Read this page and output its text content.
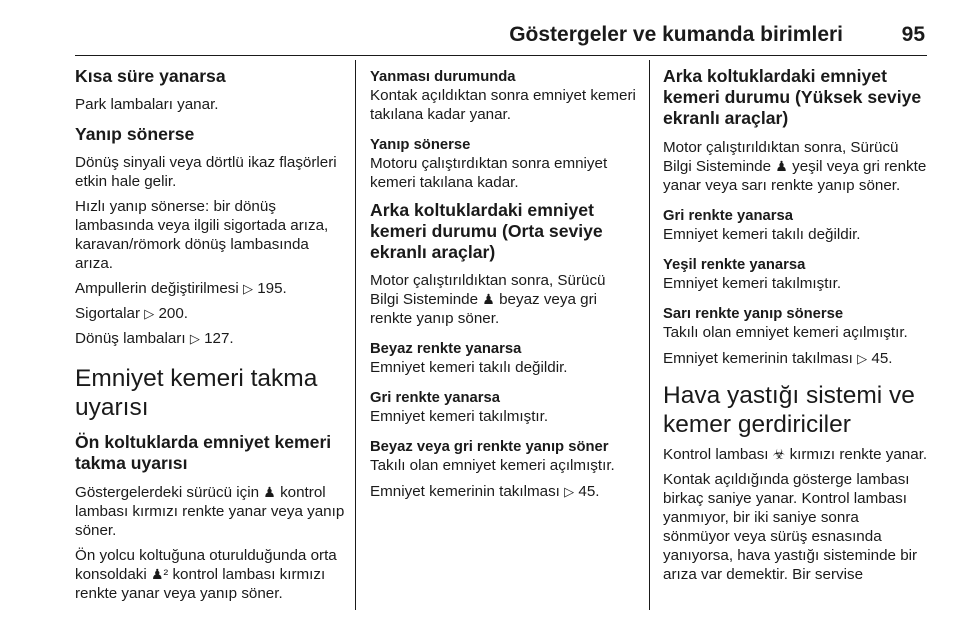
Göstergeler ve kumanda birimleri	95
Kısa süre yanarsa
Park lambaları yanar.
Yanıp sönerse
Dönüş sinyali veya dörtlü ikaz flaşörleri etkin hale gelir.
Hızlı yanıp sönerse: bir dönüş lambasında veya ilgili sigortada arıza, karavan/römork dönüş lambasında arıza.
Ampullerin değiştirilmesi ▷ 195.
Sigortalar ▷ 200.
Dönüş lambaları ▷ 127.
Emniyet kemeri takma uyarısı
Ön koltuklarda emniyet kemeri takma uyarısı
Göstergelerdeki sürücü için ♟ kontrol lambası kırmızı renkte yanar veya yanıp söner.
Ön yolcu koltuğuna oturulduğunda orta konsoldaki ♟² kontrol lambası kırmızı renkte yanar veya yanıp söner.
Yanması durumunda
Kontak açıldıktan sonra emniyet kemeri takılana kadar yanar.
Yanıp sönerse
Motoru çalıştırdıktan sonra emniyet kemeri takılana kadar.
Arka koltuklardaki emniyet kemeri durumu (Orta seviye ekranlı araçlar)
Motor çalıştırıldıktan sonra, Sürücü Bilgi Sisteminde ♟ beyaz veya gri renkte yanıp söner.
Beyaz renkte yanarsa
Emniyet kemeri takılı değildir.
Gri renkte yanarsa
Emniyet kemeri takılmıştır.
Beyaz veya gri renkte yanıp söner
Takılı olan emniyet kemeri açılmıştır.
Emniyet kemerinin takılması ▷ 45.
Arka koltuklardaki emniyet kemeri durumu (Yüksek seviye ekranlı araçlar)
Motor çalıştırıldıktan sonra, Sürücü Bilgi Sisteminde ♟ yeşil veya gri renkte yanar veya sarı renkte yanıp söner.
Gri renkte yanarsa
Emniyet kemeri takılı değildir.
Yeşil renkte yanarsa
Emniyet kemeri takılmıştır.
Sarı renkte yanıp sönerse
Takılı olan emniyet kemeri açılmıştır.
Emniyet kemerinin takılması ▷ 45.
Hava yastığı sistemi ve kemer gerdiriciler
Kontrol lambası ☣ kırmızı renkte yanar.
Kontak açıldığında gösterge lambası birkaç saniye yanar. Kontrol lambası yanmıyor, bir iki saniye sonra sönmüyor veya sürüş esnasında yanıyorsa, hava yastığı sisteminde bir arıza var demektir. Bir servise
